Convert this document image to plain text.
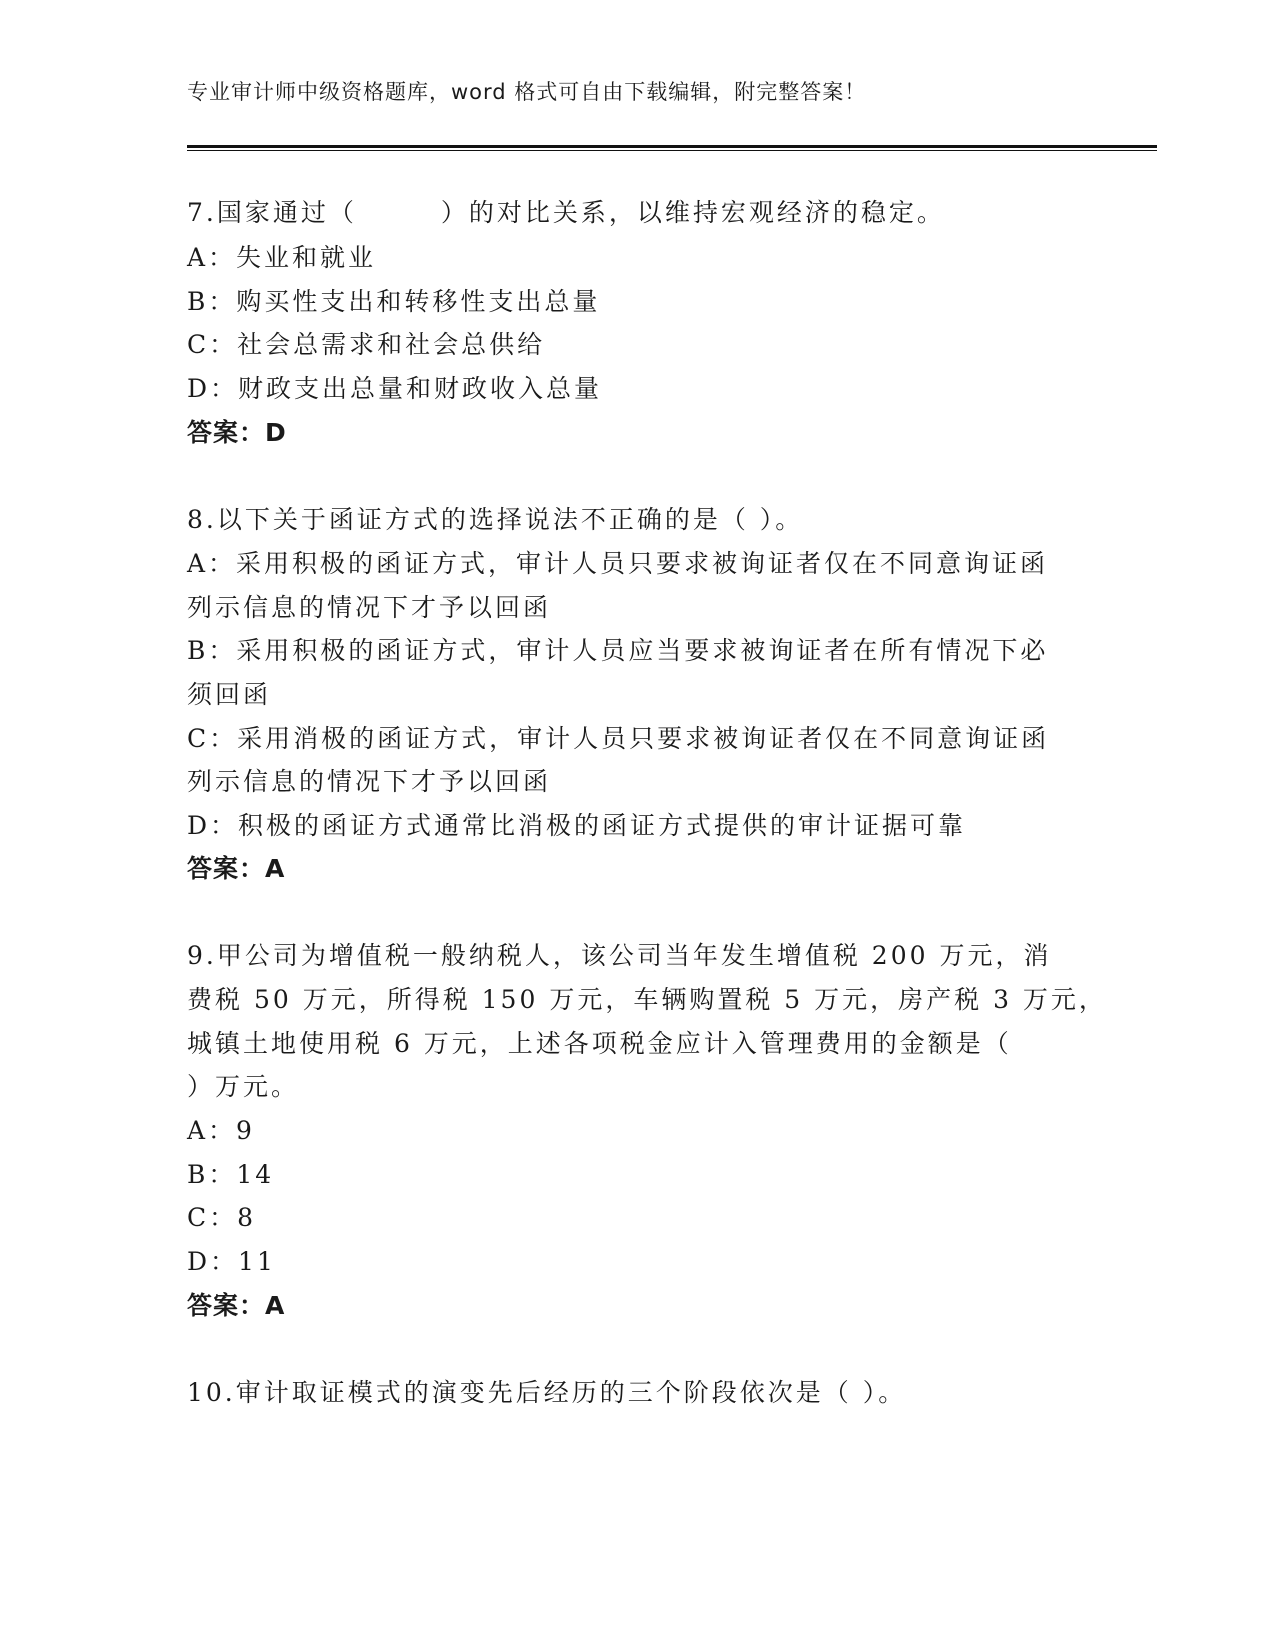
专业审计师中级资格题库，word 格式可自由下载编辑，附完整答案！
7.国家通过（　　　）的对比关系，以维持宏观经济的稳定。
A：失业和就业
B：购买性支出和转移性支出总量
C：社会总需求和社会总供给
D：财政支出总量和财政收入总量
答案：D
8.以下关于函证方式的选择说法不正确的是（ ）。
A：采用积极的函证方式，审计人员只要求被询证者仅在不同意询证函
列示信息的情况下才予以回函
B：采用积极的函证方式，审计人员应当要求被询证者在所有情况下必
须回函
C：采用消极的函证方式，审计人员只要求被询证者仅在不同意询证函
列示信息的情况下才予以回函
D：积极的函证方式通常比消极的函证方式提供的审计证据可靠
答案：A
9.甲公司为增值税一般纳税人，该公司当年发生增值税 200 万元，消
费税 50 万元，所得税 150 万元，车辆购置税 5 万元，房产税 3 万元，
城镇土地使用税 6 万元，上述各项税金应计入管理费用的金额是（
）万元。
A：9
B：14
C：8
D：11
答案：A
10.审计取证模式的演变先后经历的三个阶段依次是（ ）。
